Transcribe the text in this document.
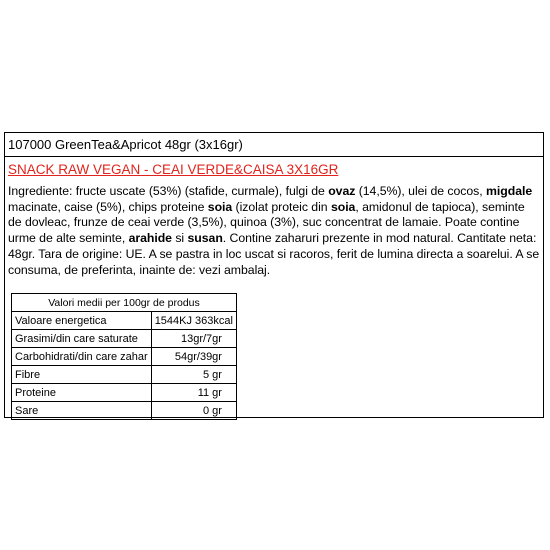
107000 GreenTea&Apricot 48gr (3x16gr)
SNACK RAW VEGAN - CEAI VERDE&CAISA 3X16GR
Ingrediente: fructe uscate (53%) (stafide, curmale), fulgi de ovaz (14,5%), ulei de cocos, migdale macinate, caise (5%), chips proteine soia (izolat proteic din soia, amidonul de tapioca), seminte de dovleac, frunze de ceai verde (3,5%), quinoa (3%), suc concentrat de lamaie. Poate contine urme de alte seminte, arahide si susan. Contine zaharuri prezente in mod natural. Cantitate neta: 48gr. Tara de origine: UE. A se pastra in loc uscat si racoros, ferit de lumina directa a soarelui. A se consuma, de preferinta, inainte de: vezi ambalaj.
Valori medii per 100gr de produs	
Valoare energetica	1544KJ 363kcal
Grasimi/din care saturate	13gr/7gr
Carbohidrati/din care zahar	54gr/39gr
Fibre	5 gr
Proteine	11 gr
Sare	0 gr
